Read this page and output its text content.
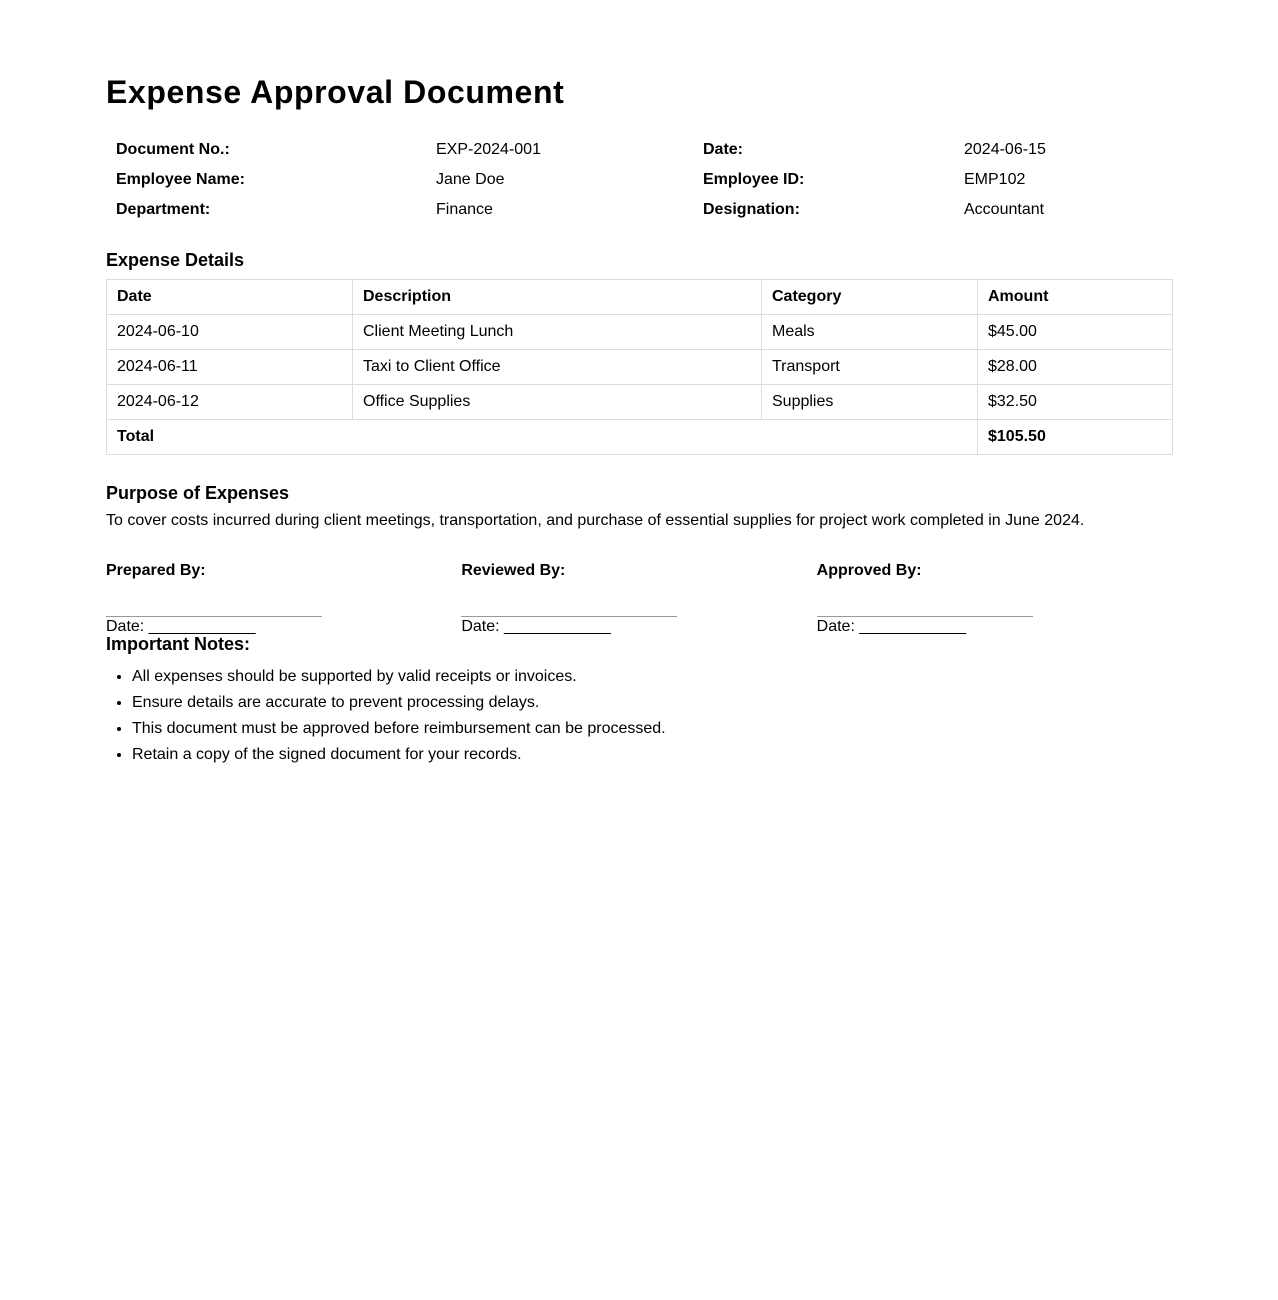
Expense Approval Document
Document No.:	EXP-2024-001	Date:	2024-06-15
Employee Name:	Jane Doe	Employee ID:	EMP102
Department:	Finance	Designation:	Accountant
Expense Details
Date	Description	Category	Amount
2024-06-10	Client Meeting Lunch	Meals	$45.00
2024-06-11	Taxi to Client Office	Transport	$28.00
2024-06-12	Office Supplies	Supplies	$32.50
Total			$105.50
Purpose of Expenses

To cover costs incurred during client meetings, transportation, and purchase of essential supplies for project work completed in June 2024.

Prepared By:
Date: ____________
Reviewed By:
Date: ____________
Approved By:
Date: ____________
Important Notes:
• All expenses should be supported by valid receipts or invoices.
• Ensure details are accurate to prevent processing delays.
• This document must be approved before reimbursement can be processed.
• Retain a copy of the signed document for your records.
